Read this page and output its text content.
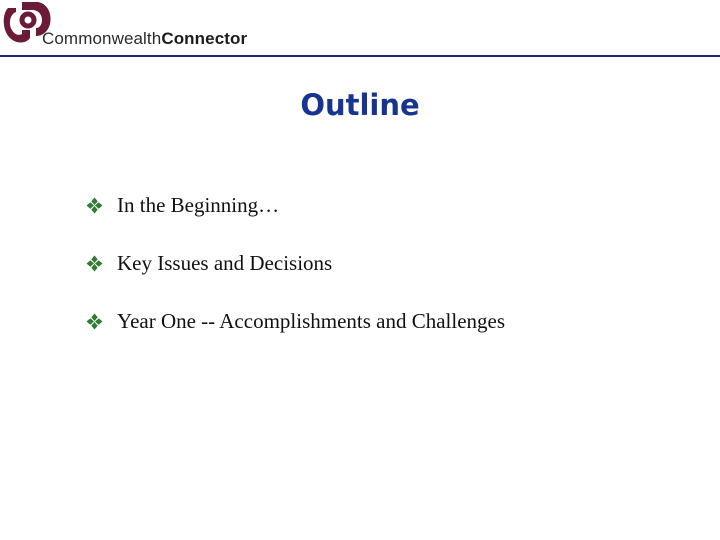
CommonwealthConnector
Outline
In the Beginning…
Key Issues and Decisions
Year One -- Accomplishments and Challenges
